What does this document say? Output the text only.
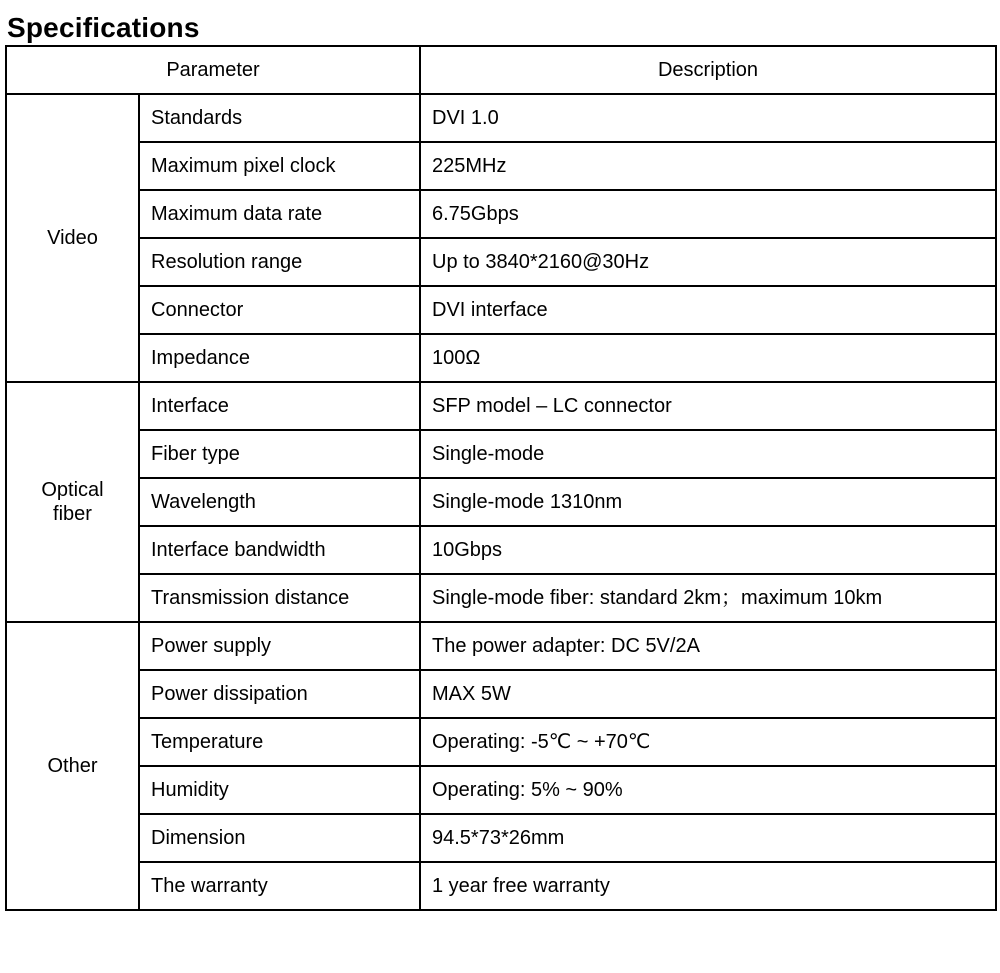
Specifications
Parameter		Description

Video	Standards	DVI 1.0
	Maximum pixel clock	225MHz
	Maximum data rate	6.75Gbps
	Resolution range	Up to 3840*2160@30Hz
	Connector	DVI interface
	Impedance	100Ω

Optical
fiber	Interface	SFP model – LC connector
	Fiber type	Single-mode
	Wavelength	Single-mode 1310nm
	Interface bandwidth	10Gbps
	Transmission distance	Single-mode fiber: standard 2km；maximum 10km

Other	Power supply	The power adapter: DC 5V/2A
	Power dissipation	MAX 5W
	Temperature	Operating: -5℃ ~ +70℃
	Humidity	Operating: 5% ~ 90%
	Dimension	94.5*73*26mm
	The warranty	1 year free warranty
